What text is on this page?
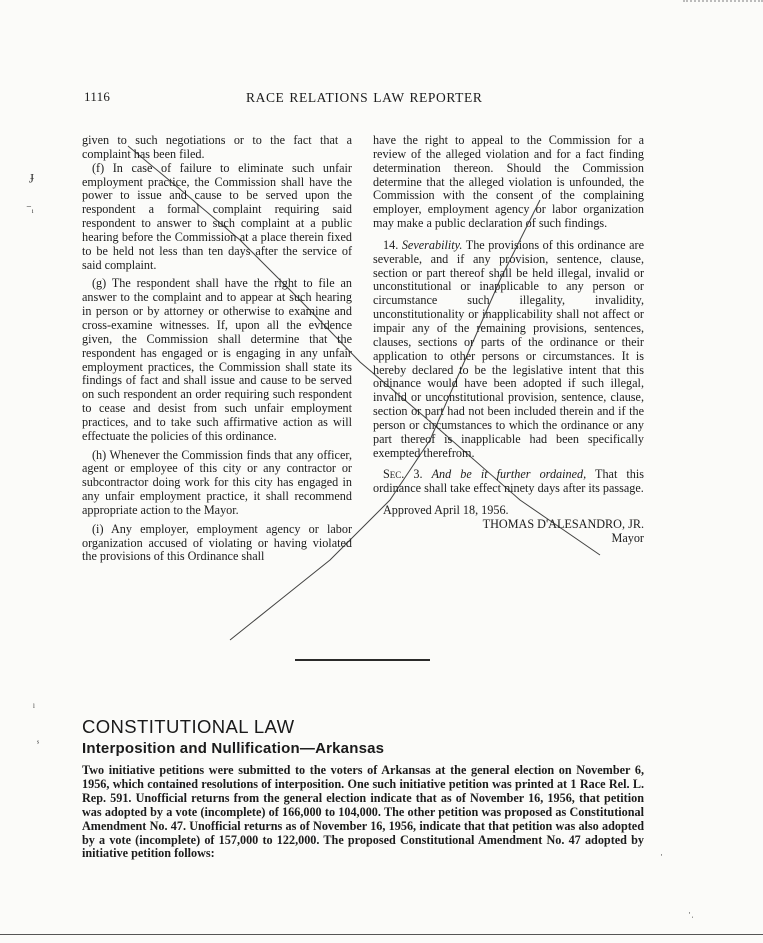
1116	RACE RELATIONS LAW REPORTER
ɟ
⁻ᵢ
ˡ
ˢ

given to such negotiations or to the fact that a complaint has been filed.

(f) In case of failure to eliminate such unfair employment practice, the Commission shall have the power to issue and cause to be served upon the respondent a formal complaint requiring said respondent to answer to such complaint at a public hearing before the Commission at a place therein fixed to be held not less than ten days after the service of said complaint.

(g) The respondent shall have the right to file an answer to the complaint and to appear at such hearing in person or by attorney or otherwise to examine and cross-examine witnesses. If, upon all the evidence given, the Commission shall determine that the respondent has engaged or is engaging in any unfair employment practices, the Commission shall state its findings of fact and shall issue and cause to be served on such respondent an order requiring such respondent to cease and desist from such unfair employment practices, and to take such affirmative action as will effectuate the policies of this ordinance.

(h) Whenever the Commission finds that any officer, agent or employee of this city or any contractor or subcontractor doing work for this city has engaged in any unfair employment practice, it shall recommend appropriate action to the Mayor.

(i) Any employer, employment agency or labor organization accused of violating or having violated the provisions of this Ordinance shall

have the right to appeal to the Commission for a review of the alleged violation and for a fact finding determination thereon. Should the Commission determine that the alleged violation is unfounded, the Commission with the consent of the complaining employer, employment agency or labor organization may make a public declaration of such findings.

14. Severability. The provisions of this ordinance are severable, and if any provision, sentence, clause, section or part thereof shall be held illegal, invalid or unconstitutional or inapplicable to any person or circumstance such illegality, invalidity, unconstitutionality or inapplicability shall not affect or impair any of the remaining provisions, sentences, clauses, sections or parts of the ordinance or their application to other persons or circumstances. It is hereby declared to be the legislative intent that this ordinance would have been adopted if such illegal, invalid or unconstitutional provision, sentence, clause, section or part had not been included therein and if the person or circumstances to which the ordinance or any part thereof is inapplicable had been specifically exempted therefrom.

Sec. 3. And be it further ordained, That this ordinance shall take effect ninety days after its passage.

Approved April 18, 1956.

THOMAS D'ALESANDRO, JR.

Mayor

CONSTITUTIONAL LAW
Interposition and Nullification—Arkansas

Two initiative petitions were submitted to the voters of Arkansas at the general election on November 6, 1956, which contained resolutions of interposition. One such initiative petition was printed at 1 Race Rel. L. Rep. 591. Unofficial returns from the general election indicate that as of November 16, 1956, that petition was adopted by a vote (incomplete) of 166,000 to 104,000. The other petition was proposed as Constitutional Amendment No. 47. Unofficial returns as of November 16, 1956, indicate that that petition was also adopted by a vote (incomplete) of 157,000 to 122,000. The proposed Constitutional Amendment No. 47 adopted by initiative petition follows:	·
·ˌ
